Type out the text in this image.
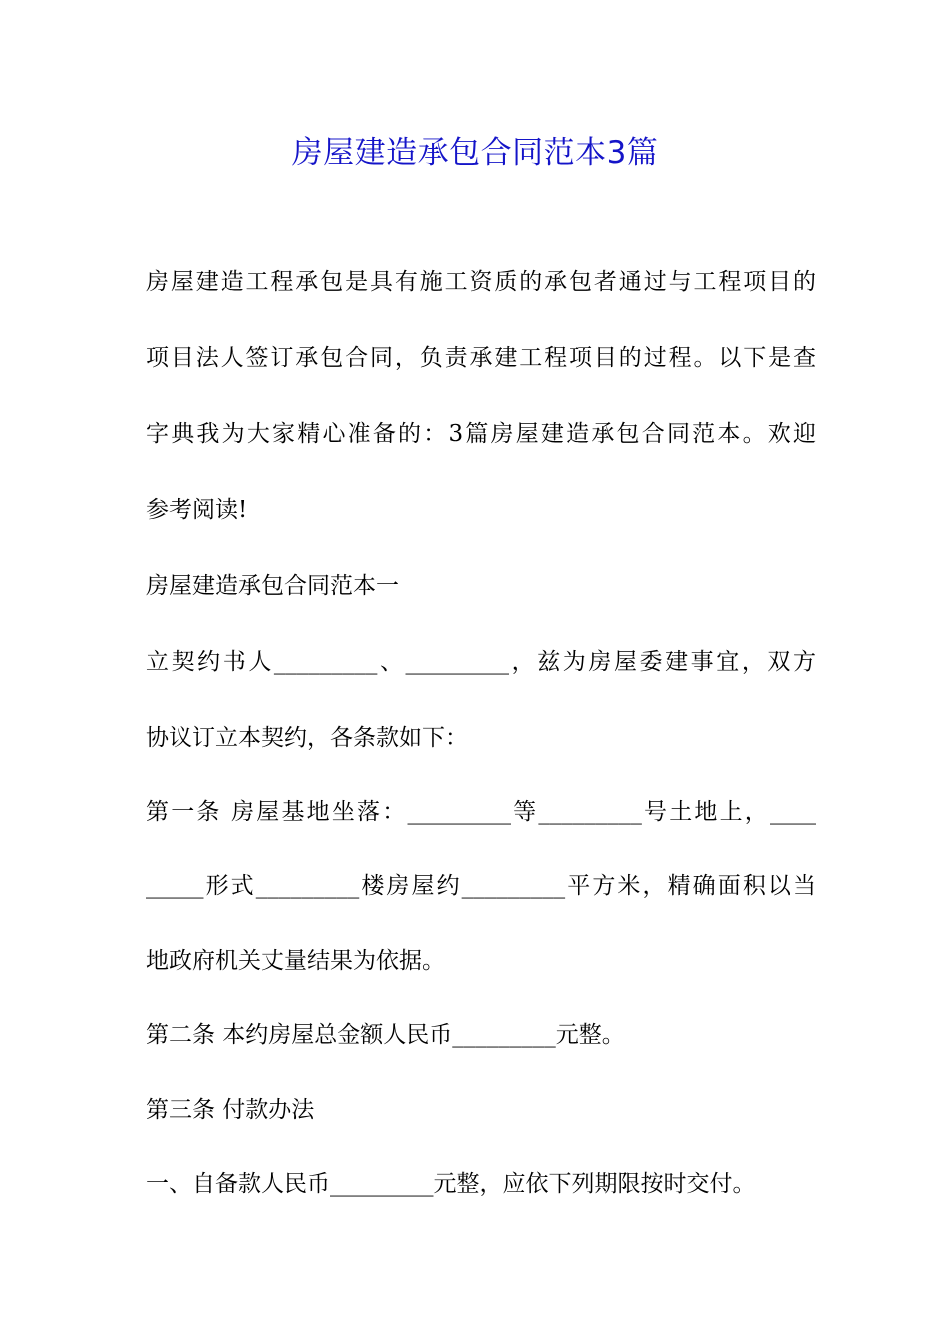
房屋建造承包合同范本3篇

房屋建造工程承包是具有施工资质的承包者通过与工程项目的

项目法人签订承包合同，负责承建工程项目的过程。以下是查

字典我为大家精心准备的：3篇房屋建造承包合同范本。欢迎

参考阅读!

房屋建造承包合同范本一

立契约书人_________、_________，兹为房屋委建事宜，双方

协议订立本契约，各条款如下：

第一条 房屋基地坐落：_________等_________号土地上，____

_____形式_________楼房屋约_________平方米，精确面积以当

地政府机关丈量结果为依据。

第二条 本约房屋总金额人民币_________元整。

第三条 付款办法

一、自备款人民币_________元整，应依下列期限按时交付。
